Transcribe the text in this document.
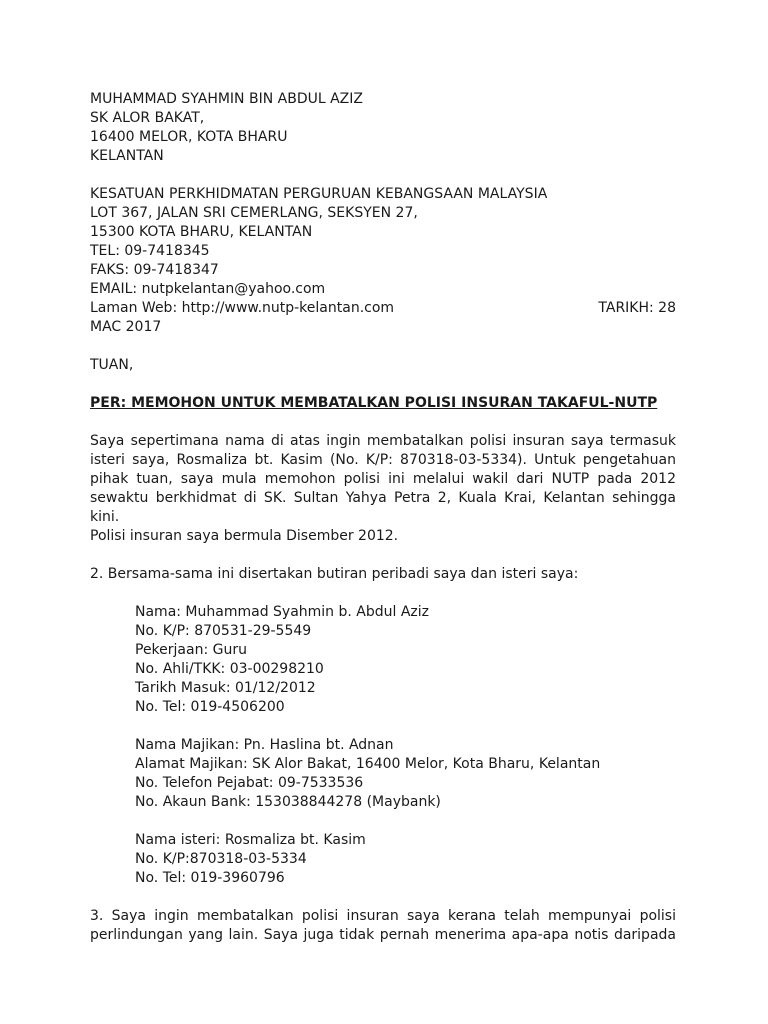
MUHAMMAD SYAHMIN BIN ABDUL AZIZ
SK ALOR BAKAT,
16400 MELOR, KOTA BHARU
KELANTAN
KESATUAN PERKHIDMATAN PERGURUAN KEBANGSAAN MALAYSIA
LOT 367, JALAN SRI CEMERLANG, SEKSYEN 27,
15300 KOTA BHARU, KELANTAN
TEL: 09-7418345
FAKS: 09-7418347
EMAIL: nutpkelantan@yahoo.com
Laman Web: http://www.nutp-kelantan.com	TARIKH: 28
MAC 2017
TUAN,
PER: MEMOHON UNTUK MEMBATALKAN POLISI INSURAN TAKAFUL-NUTP
Saya sepertimana nama di atas ingin membatalkan polisi insuran saya termasuk
isteri saya, Rosmaliza bt. Kasim (No. K/P: 870318-03-5334). Untuk pengetahuan
pihak tuan, saya mula memohon polisi ini melalui wakil dari NUTP pada 2012
sewaktu berkhidmat di SK. Sultan Yahya Petra 2, Kuala Krai, Kelantan sehingga kini.
Polisi insuran saya bermula Disember 2012.
2. Bersama-sama ini disertakan butiran peribadi saya dan isteri saya:
Nama: Muhammad Syahmin b. Abdul Aziz
No. K/P: 870531-29-5549
Pekerjaan: Guru
No. Ahli/TKK: 03-00298210
Tarikh Masuk: 01/12/2012
No. Tel: 019-4506200
Nama Majikan: Pn. Haslina bt. Adnan
Alamat Majikan: SK Alor Bakat, 16400 Melor, Kota Bharu, Kelantan
No. Telefon Pejabat: 09-7533536
No. Akaun Bank: 153038844278 (Maybank)
Nama isteri: Rosmaliza bt. Kasim
No. K/P:870318-03-5334
No. Tel: 019-3960796
3. Saya ingin membatalkan polisi insuran saya kerana telah mempunyai polisi
perlindungan yang lain. Saya juga tidak pernah menerima apa-apa notis daripada
